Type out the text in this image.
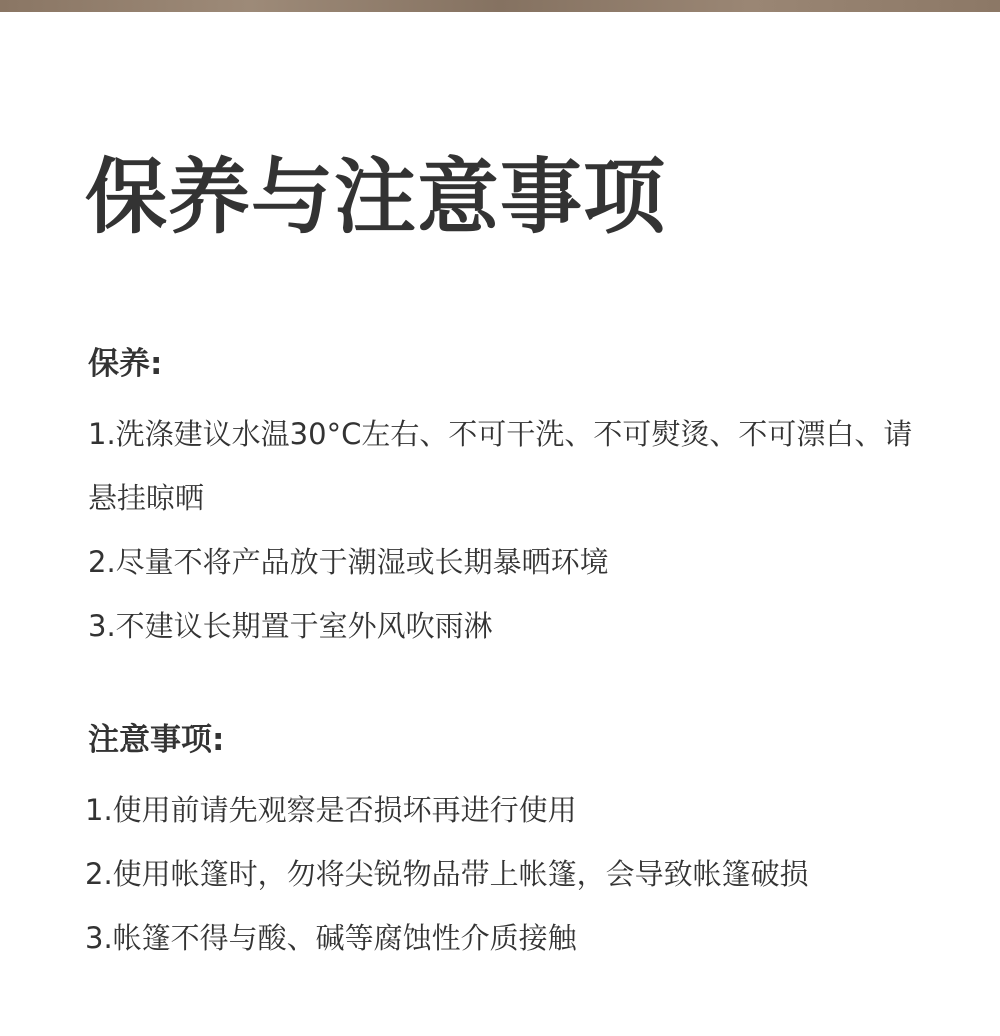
保养与注意事项
保养:
1.洗涤建议水温30°C左右、不可干洗、不可熨烫、不可漂白、请悬挂晾晒
2.尽量不将产品放于潮湿或长期暴晒环境
3.不建议长期置于室外风吹雨淋
注意事项:
1.使用前请先观察是否损坏再进行使用
2.使用帐篷时，勿将尖锐物品带上帐篷，会导致帐篷破损
3.帐篷不得与酸、碱等腐蚀性介质接触
